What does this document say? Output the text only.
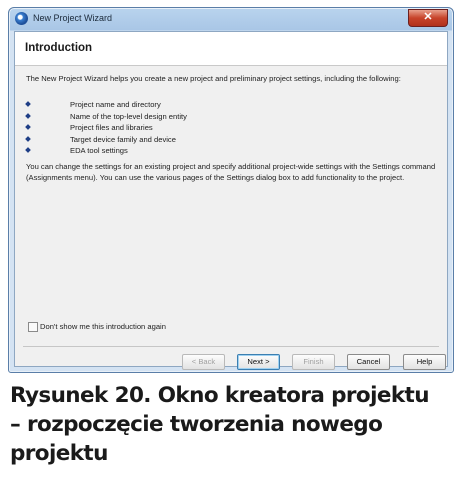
New Project Wizard	✕
Introduction
The New Project Wizard helps you create a new project and preliminary project settings, including the following:
Project name and directory
Name of the top-level design entity
Project files and libraries
Target device family and device
EDA tool settings
You can change the settings for an existing project and specify additional project-wide settings with the Settings command (Assignments menu). You can use the various pages of the Settings dialog box to add functionality to the project.
Don't show me this introduction again
< Back	Next >	Finish	Cancel	Help
Rysunek 20. Okno kreatora projektu
– rozpoczęcie tworzenia nowego
projektu
